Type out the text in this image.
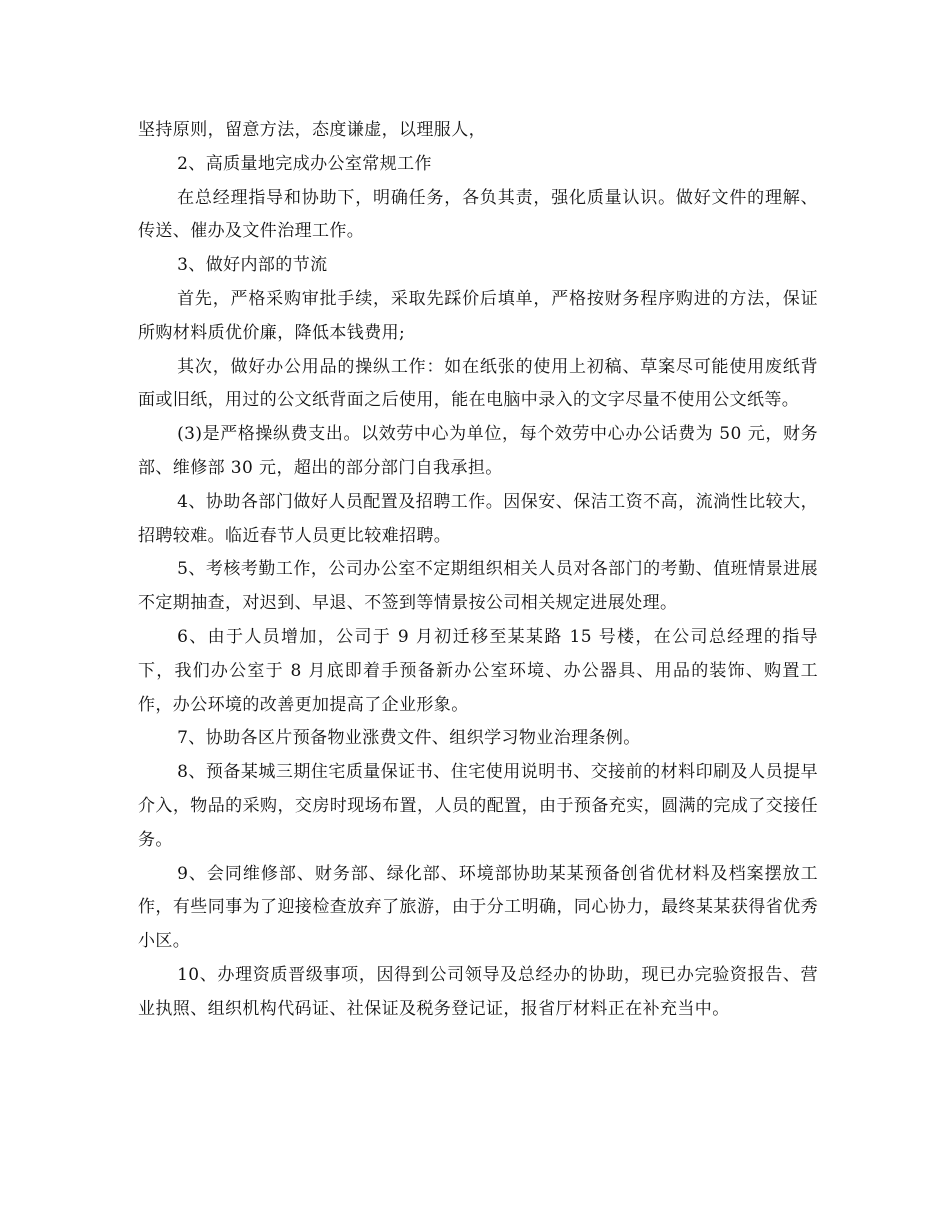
坚持原则，留意方法，态度谦虚，以理服人，

2、高质量地完成办公室常规工作

在总经理指导和协助下，明确任务，各负其责，强化质量认识。做好文件的理解、传送、催办及文件治理工作。

3、做好内部的节流

首先，严格采购审批手续，采取先踩价后填单，严格按财务程序购进的方法，保证所购材料质优价廉，降低本钱费用;

其次，做好办公用品的操纵工作：如在纸张的使用上初稿、草案尽可能使用废纸背面或旧纸，用过的公文纸背面之后使用，能在电脑中录入的文字尽量不使用公文纸等。

(3)是严格操纵费支出。以效劳中心为单位，每个效劳中心办公话费为 50 元，财务部、维修部 30 元，超出的部分部门自我承担。

4、协助各部门做好人员配置及招聘工作。因保安、保洁工资不高，流淌性比较大，招聘较难。临近春节人员更比较难招聘。

5、考核考勤工作，公司办公室不定期组织相关人员对各部门的考勤、值班情景进展不定期抽查，对迟到、早退、不签到等情景按公司相关规定进展处理。

6、由于人员增加，公司于 9 月初迁移至某某路 15 号楼，在公司总经理的指导下，我们办公室于 8 月底即着手预备新办公室环境、办公器具、用品的装饰、购置工作，办公环境的改善更加提高了企业形象。

7、协助各区片预备物业涨费文件、组织学习物业治理条例。

8、预备某城三期住宅质量保证书、住宅使用说明书、交接前的材料印刷及人员提早介入，物品的采购，交房时现场布置，人员的配置，由于预备充实，圆满的完成了交接任务。

9、会同维修部、财务部、绿化部、环境部协助某某预备创省优材料及档案摆放工作，有些同事为了迎接检查放弃了旅游，由于分工明确，同心协力，最终某某获得省优秀小区。

10、办理资质晋级事项，因得到公司领导及总经办的协助，现已办完验资报告、营业执照、组织机构代码证、社保证及税务登记证，报省厅材料正在补充当中。
